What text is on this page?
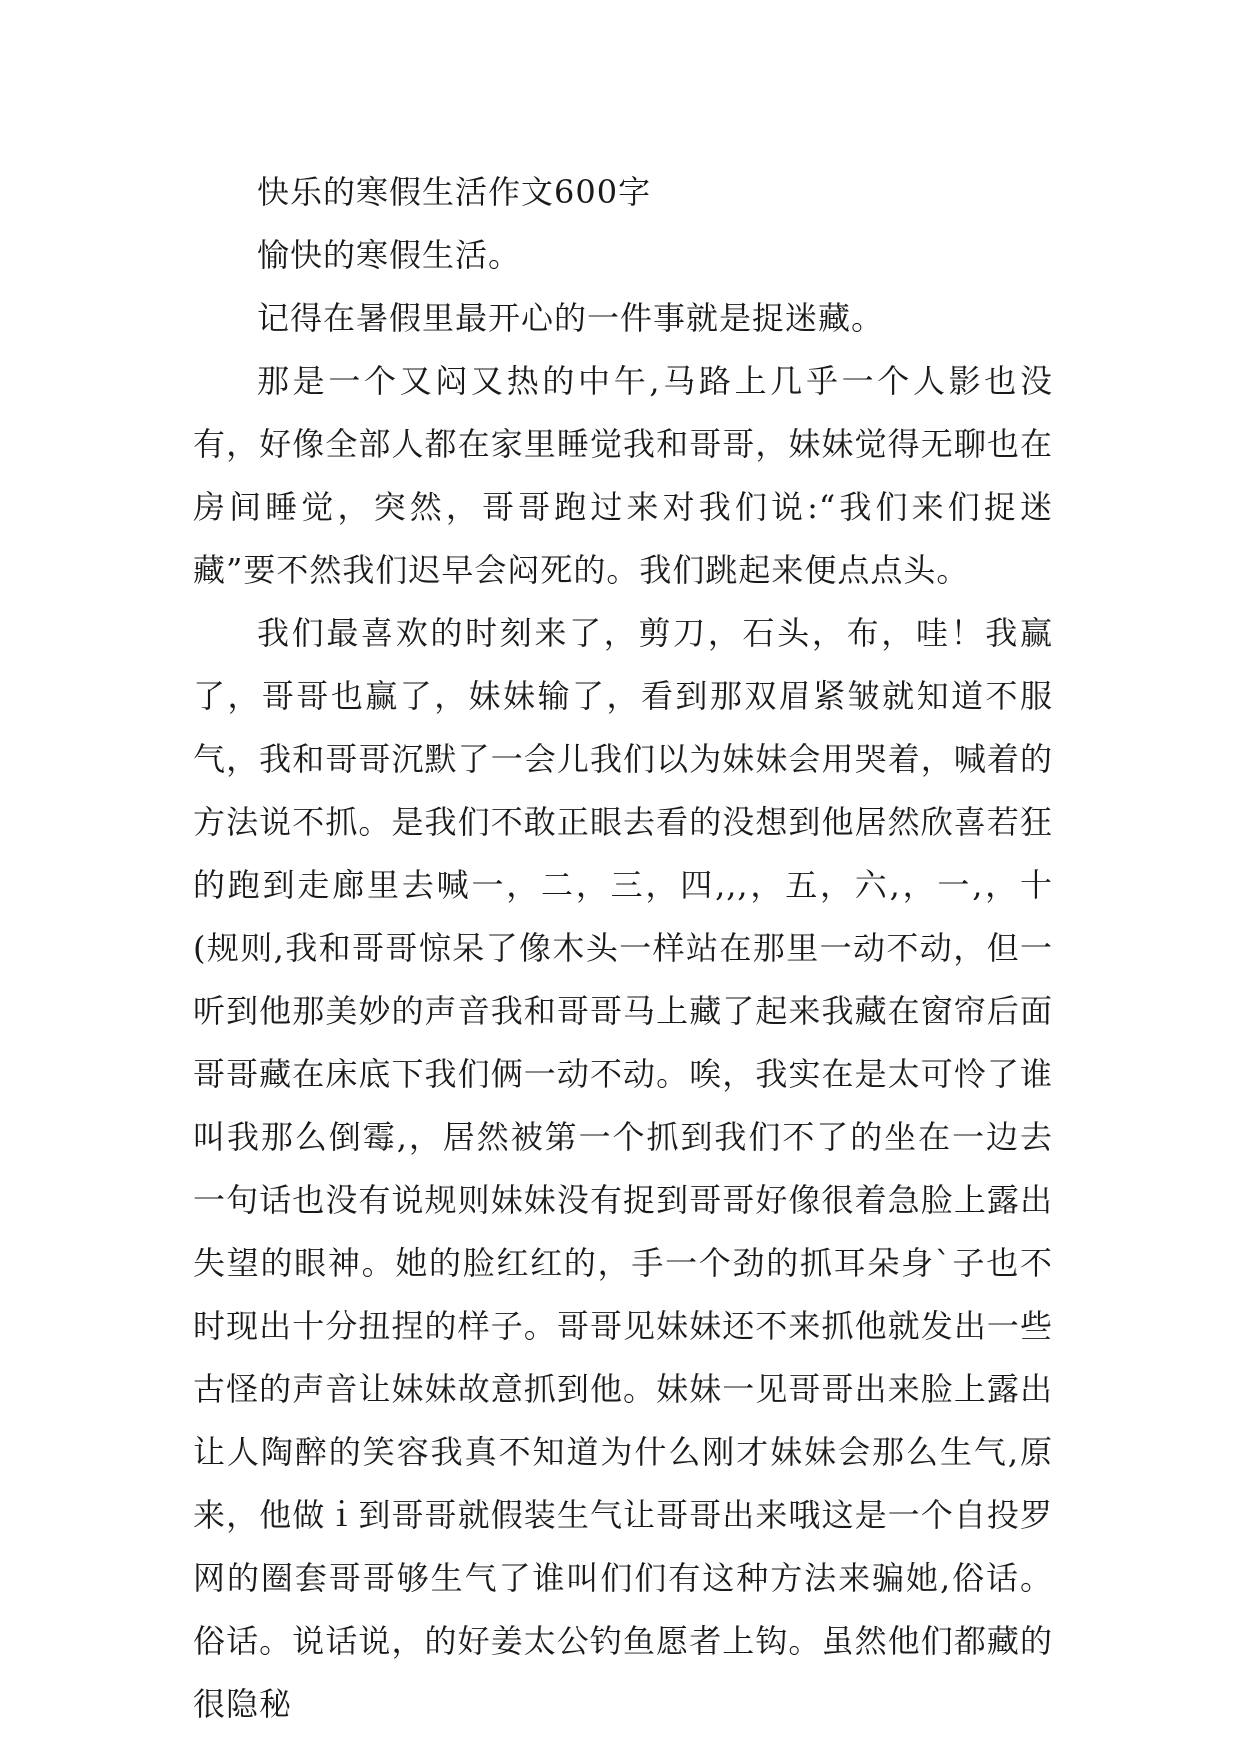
快乐的寒假生活作文600字

愉快的寒假生活。

记得在暑假里最开心的一件事就是捉迷藏。

那是一个又闷又热的中午,马路上几乎一个人影也没有，好像全部人都在家里睡觉我和哥哥，妹妹觉得无聊也在房间睡觉，突然，哥哥跑过来对我们说:“我们来们捉迷藏”要不然我们迟早会闷死的。我们跳起来便点点头。

我们最喜欢的时刻来了，剪刀，石头，布，哇！我赢了，哥哥也赢了，妹妹输了，看到那双眉紧皱就知道不服气，我和哥哥沉默了一会儿我们以为妹妹会用哭着，喊着的方法说不抓。是我们不敢正眼去看的没想到他居然欣喜若狂的跑到走廊里去喊一，二，三，四,,,，五，六,，一,，十(规则,我和哥哥惊呆了像木头一样站在那里一动不动，但一听到他那美妙的声音我和哥哥马上藏了起来我藏在窗帘后面哥哥藏在床底下我们俩一动不动。唉，我实在是太可怜了谁叫我那么倒霉,，居然被第一个抓到我们不了的坐在一边去一句话也没有说规则妹妹没有捉到哥哥好像很着急脸上露出失望的眼神。她的脸红红的，手一个劲的抓耳朵身`子也不时现出十分扭捏的样子。哥哥见妹妹还不来抓他就发出一些古怪的声音让妹妹故意抓到他。妹妹一见哥哥出来脸上露出让人陶醉的笑容我真不知道为什么刚才妹妹会那么生气,原来，他做ｉ到哥哥就假装生气让哥哥出来哦这是一个自投罗网的圈套哥哥够生气了谁叫们们有这种方法来骗她,俗话。俗话。说话说，的好姜太公钓鱼愿者上钩。虽然他们都藏的很隐秘
